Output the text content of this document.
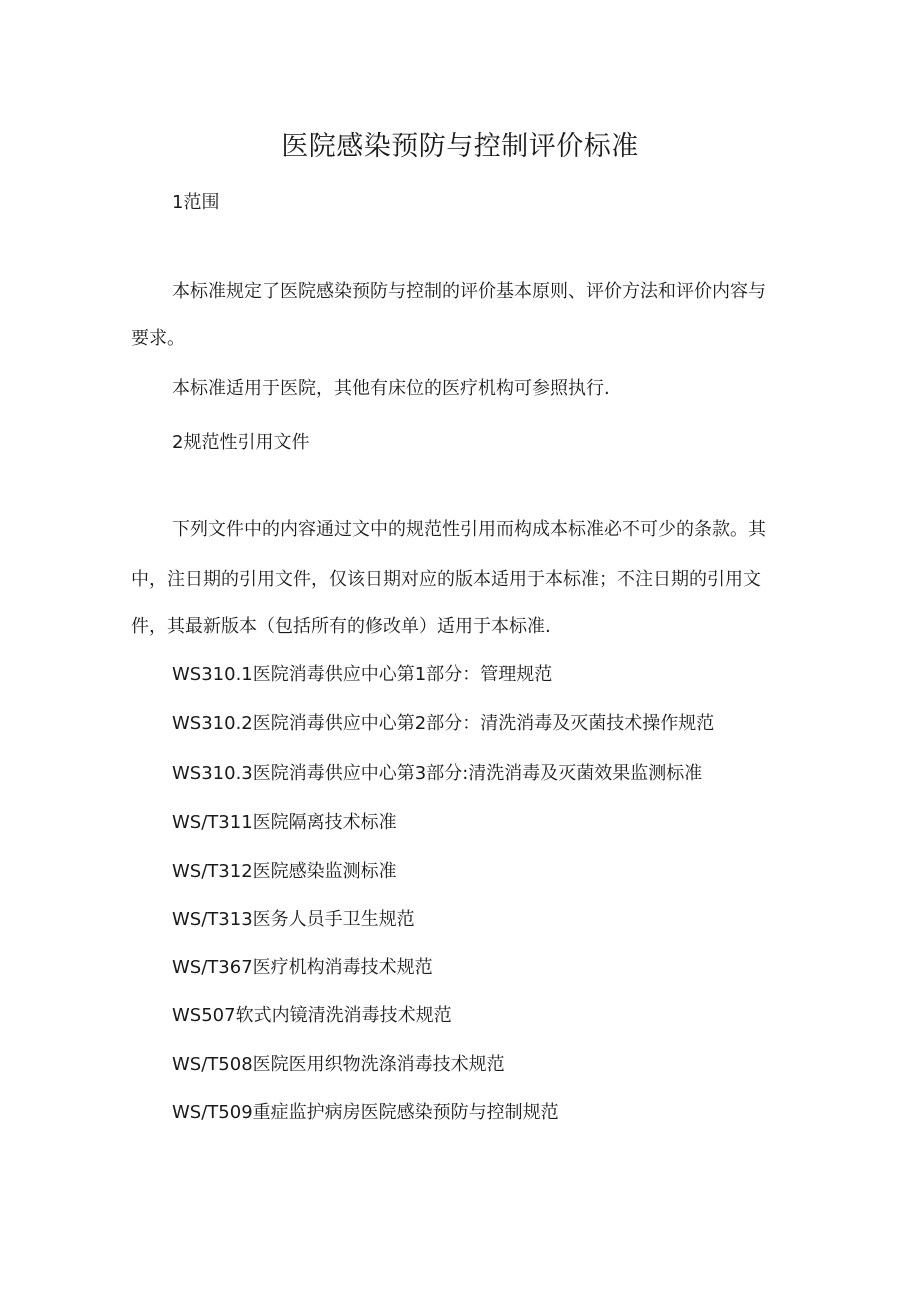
医院感染预防与控制评价标准

1范围

本标准规定了医院感染预防与控制的评价基本原则、评价方法和评价内容与

要求。

本标准适用于医院，其他有床位的医疗机构可参照执行.

2规范性引用文件

下列文件中的内容通过文中的规范性引用而构成本标准必不可少的条款。其

中，注日期的引用文件，仅该日期对应的版本适用于本标准；不注日期的引用文

件，其最新版本（包括所有的修改单）适用于本标准.

WS310.1医院消毒供应中心第1部分：管理规范

WS310.2医院消毒供应中心第2部分：清洗消毒及灭菌技术操作规范

WS310.3医院消毒供应中心第3部分:清洗消毒及灭菌效果监测标准

WS/T311医院隔离技术标准

WS/T312医院感染监测标准

WS/T313医务人员手卫生规范

WS/T367医疗机构消毒技术规范

WS507软式内镜清洗消毒技术规范

WS/T508医院医用织物洗涤消毒技术规范

WS/T509重症监护病房医院感染预防与控制规范
